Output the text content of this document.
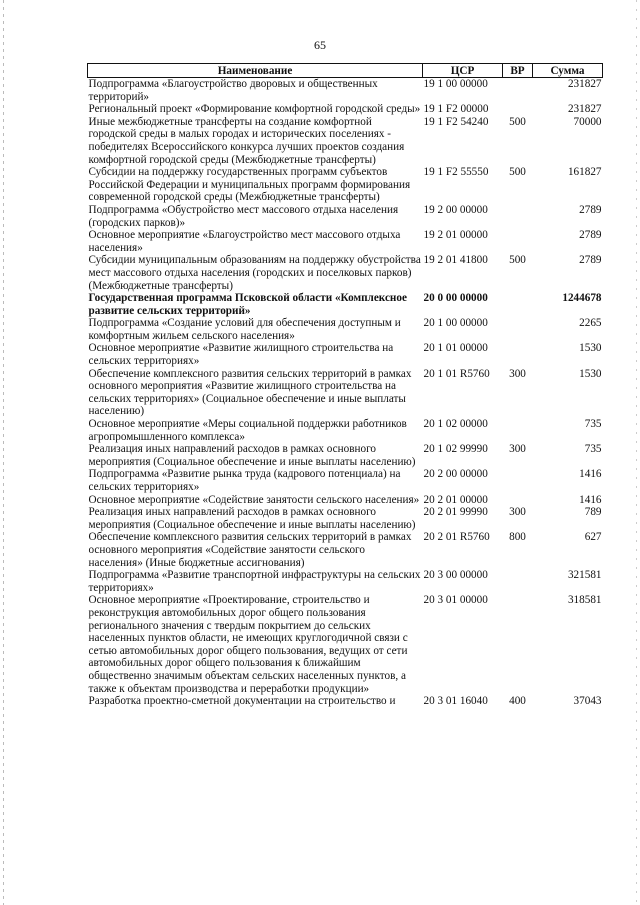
65
Наименование	ЦСР	ВР	Сумма
Подпрограмма «Благоустройство дворовых и общественных территорий»	19 1 00 00000		231827
Региональный проект «Формирование комфортной городской среды»	19 1 F2 00000		231827
Иные межбюджетные трансферты на создание комфортной городской среды в малых городах и исторических поселениях - победителях Всероссийского конкурса лучших проектов создания комфортной городской среды (Межбюджетные трансферты)	19 1 F2 54240	500	70000
Субсидии на поддержку государственных программ субъектов Российской Федерации и муниципальных программ формирования современной городской среды (Межбюджетные трансферты)	19 1 F2 55550	500	161827
Подпрограмма «Обустройство мест массового отдыха населения (городских парков)»	19 2 00 00000		2789
Основное мероприятие «Благоустройство мест массового отдыха населения»	19 2 01 00000		2789
Субсидии муниципальным образованиям на поддержку обустройства мест массового отдыха населения (городских и поселковых парков) (Межбюджетные трансферты)	19 2 01 41800	500	2789
Государственная программа Псковской области «Комплексное развитие сельских территорий»	20 0 00 00000		1244678
Подпрограмма «Создание условий для обеспечения доступным и комфортным жильем сельского населения»	20 1 00 00000		2265
Основное мероприятие «Развитие жилищного строительства на сельских территориях»	20 1 01 00000		1530
Обеспечение комплексного развития сельских территорий в рамках основного мероприятия «Развитие жилищного строительства на сельских территориях» (Социальное обеспечение и иные выплаты населению)	20 1 01 R5760	300	1530
Основное мероприятие «Меры социальной поддержки работников агропромышленного комплекса»	20 1 02 00000		735
Реализация иных направлений расходов в рамках основного мероприятия (Социальное обеспечение и иные выплаты населению)	20 1 02 99990	300	735
Подпрограмма «Развитие рынка труда (кадрового потенциала) на сельских территориях»	20 2 00 00000		1416
Основное мероприятие «Содействие занятости сельского населения»	20 2 01 00000		1416
Реализация иных направлений расходов в рамках основного мероприятия (Социальное обеспечение и иные выплаты населению)	20 2 01 99990	300	789
Обеспечение комплексного развития сельских территорий в рамках основного мероприятия «Содействие занятости сельского населения» (Иные бюджетные ассигнования)	20 2 01 R5760	800	627
Подпрограмма «Развитие транспортной инфраструктуры на сельских территориях»	20 3 00 00000		321581
Основное мероприятие «Проектирование, строительство и реконструкция автомобильных дорог общего пользования регионального значения с твердым покрытием до сельских населенных пунктов области, не имеющих круглогодичной связи с сетью автомобильных дорог общего пользования, ведущих от сети автомобильных дорог общего пользования к ближайшим общественно значимым объектам сельских населенных пунктов, а также к объектам производства и переработки продукции»	20 3 01 00000		318581
Разработка проектно-сметной документации на строительство и	20 3 01 16040	400	37043
